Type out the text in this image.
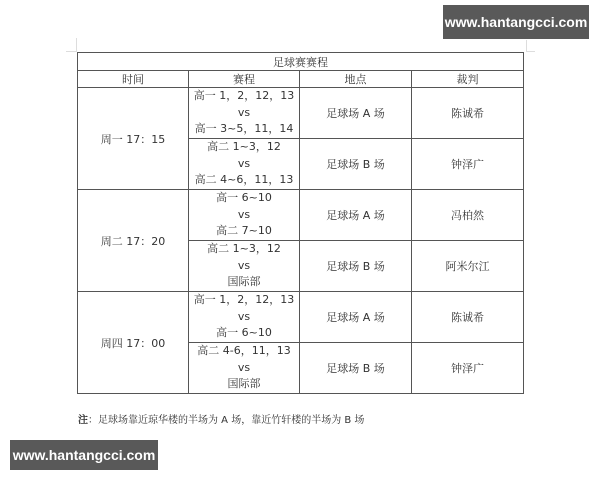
www.hantangcci.com
足球赛赛程			
时间	赛程	地点	裁判
周一 17：15	高一 1，2，12，13
vs
高一 3~5，11，14	足球场 A 场	陈诚希

	高二 1~3，12
vs
高二 4~6，11，13	足球场 B 场	钟泽广
周二 17：20	高一 6~10
vs
高二 7~10	足球场 A 场	冯柏然

	高二 1~3，12
vs
国际部	足球场 B 场	阿米尔江
周四 17：00	高一 1，2，12，13
vs
高一 6~10	足球场 A 场	陈诚希

	高二 4-6，11，13
vs
国际部	足球场 B 场	钟泽广
注：足球场靠近琼华楼的半场为 A 场，靠近竹轩楼的半场为 B 场
www.hantangcci.com
